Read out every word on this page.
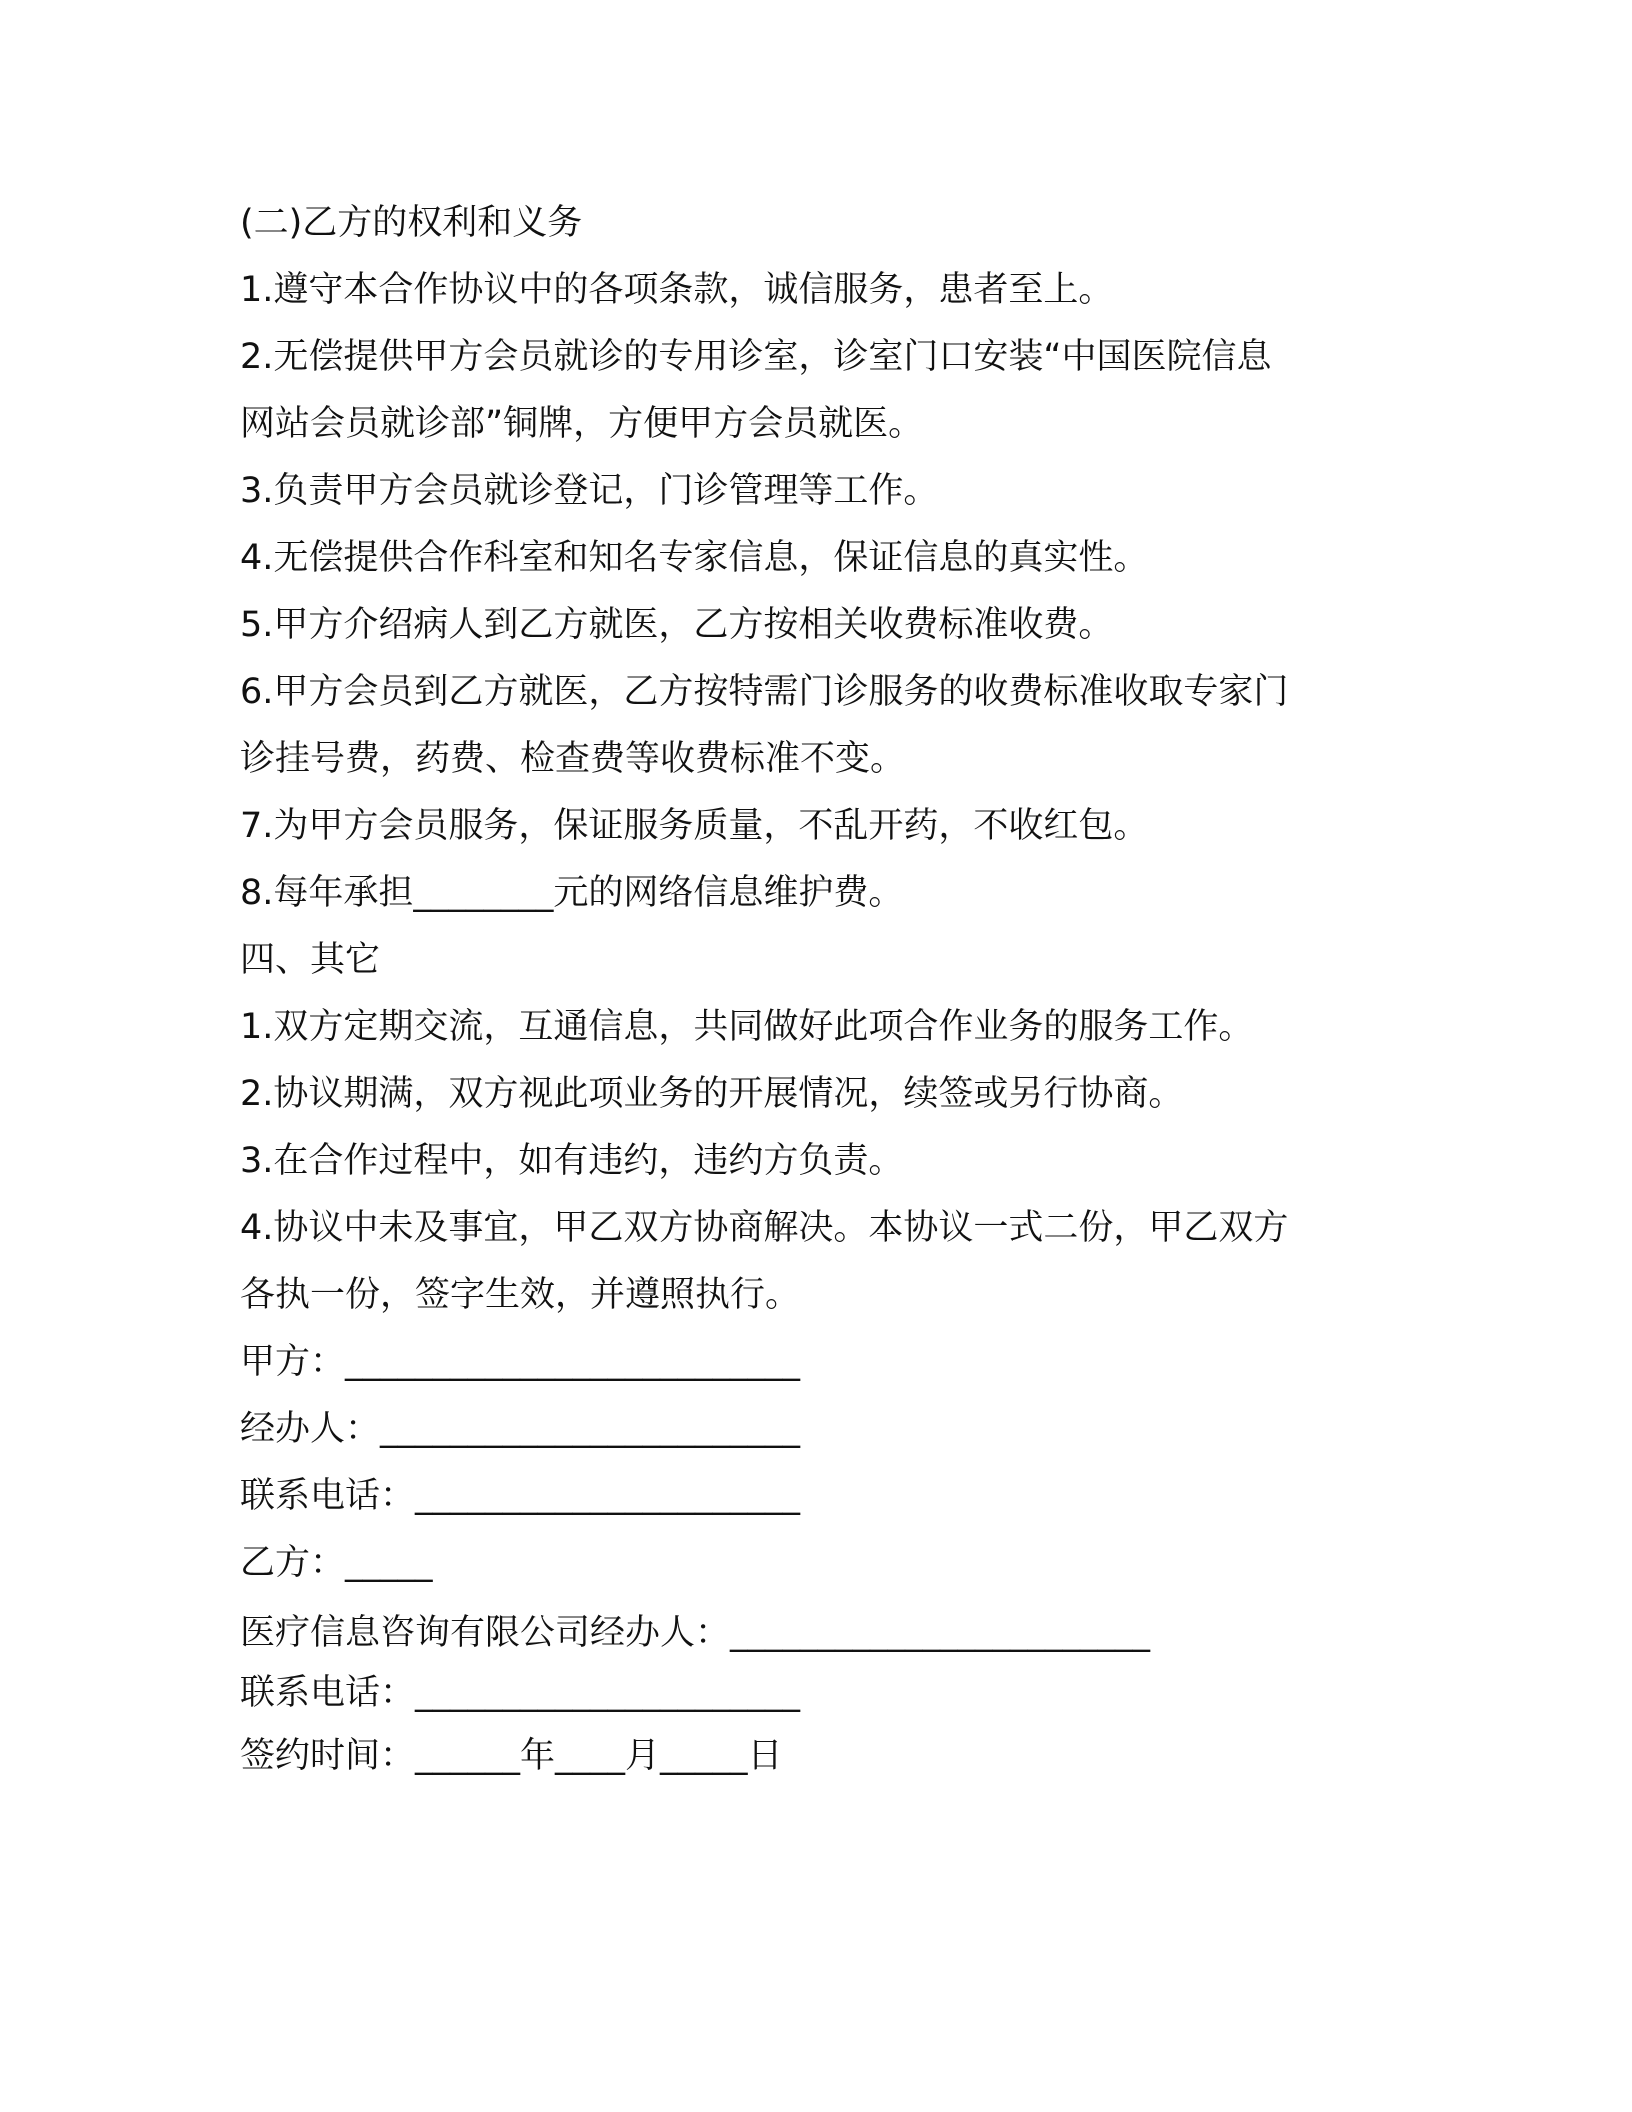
(二)乙方的权利和义务
1.遵守本合作协议中的各项条款，诚信服务，患者至上。
2.无偿提供甲方会员就诊的专用诊室，诊室门口安装“中国医院信息
网站会员就诊部”铜牌，方便甲方会员就医。
3.负责甲方会员就诊登记，门诊管理等工作。
4.无偿提供合作科室和知名专家信息，保证信息的真实性。
5.甲方介绍病人到乙方就医，乙方按相关收费标准收费。
6.甲方会员到乙方就医，乙方按特需门诊服务的收费标准收取专家门
诊挂号费，药费、检查费等收费标准不变。
7.为甲方会员服务，保证服务质量，不乱开药，不收红包。
8.每年承担________元的网络信息维护费。
四、其它
1.双方定期交流，互通信息，共同做好此项合作业务的服务工作。
2.协议期满，双方视此项业务的开展情况，续签或另行协商。
3.在合作过程中，如有违约，违约方负责。
4.协议中未及事宜，甲乙双方协商解决。本协议一式二份，甲乙双方
各执一份，签字生效，并遵照执行。
甲方：__________________________
经办人：________________________
联系电话：______________________
乙方：_____
医疗信息咨询有限公司经办人：________________________
联系电话：______________________
签约时间：______年____月_____日
